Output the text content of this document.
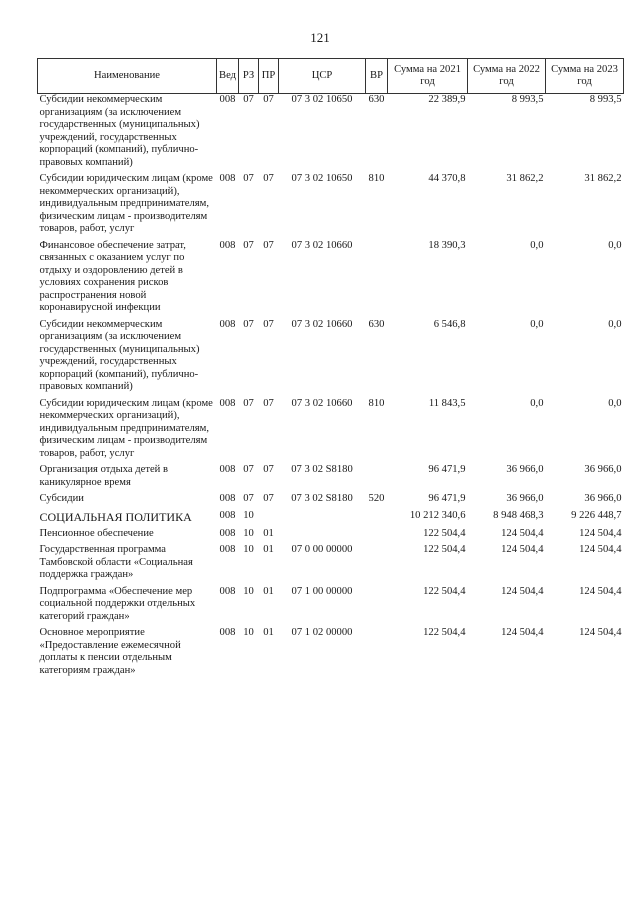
121
Наименование	Вед	РЗ	ПР	ЦСР	ВР	Сумма на 2021 год	Сумма на 2022 год	Сумма на 2023 год
Субсидии некоммерческим организациям (за исключением государственных (муниципальных) учреждений, государственных корпораций (компаний), публично-правовых компаний)	008	07	07	07 3 02 10650	630	22 389,9	8 993,5	8 993,5
Субсидии юридическим лицам (кроме некоммерческих организаций), индивидуальным предпринимателям, физическим лицам - производителям товаров, работ, услуг	008	07	07	07 3 02 10650	810	44 370,8	31 862,2	31 862,2
Финансовое обеспечение затрат, связанных с оказанием услуг по отдыху и оздоровлению детей в условиях сохранения рисков распространения новой коронавирусной инфекции	008	07	07	07 3 02 10660		18 390,3	0,0	0,0
Субсидии некоммерческим организациям (за исключением государственных (муниципальных) учреждений, государственных корпораций (компаний), публично-правовых компаний)	008	07	07	07 3 02 10660	630	6 546,8	0,0	0,0
Субсидии юридическим лицам (кроме некоммерческих организаций), индивидуальным предпринимателям, физическим лицам - производителям товаров, работ, услуг	008	07	07	07 3 02 10660	810	11 843,5	0,0	0,0
Организация отдыха детей в каникулярное время	008	07	07	07 3 02 S8180		96 471,9	36 966,0	36 966,0
Субсидии	008	07	07	07 3 02 S8180	520	96 471,9	36 966,0	36 966,0
СОЦИАЛЬНАЯ ПОЛИТИКА	008	10				10 212 340,6	8 948 468,3	9 226 448,7
Пенсионное обеспечение	008	10	01			122 504,4	124 504,4	124 504,4
Государственная программа Тамбовской области «Социальная поддержка граждан»	008	10	01	07 0 00 00000		122 504,4	124 504,4	124 504,4
Подпрограмма «Обеспечение мер социальной поддержки отдельных категорий граждан»	008	10	01	07 1 00 00000		122 504,4	124 504,4	124 504,4
Основное мероприятие «Предоставление ежемесячной доплаты к пенсии отдельным категориям граждан»	008	10	01	07 1 02 00000		122 504,4	124 504,4	124 504,4
